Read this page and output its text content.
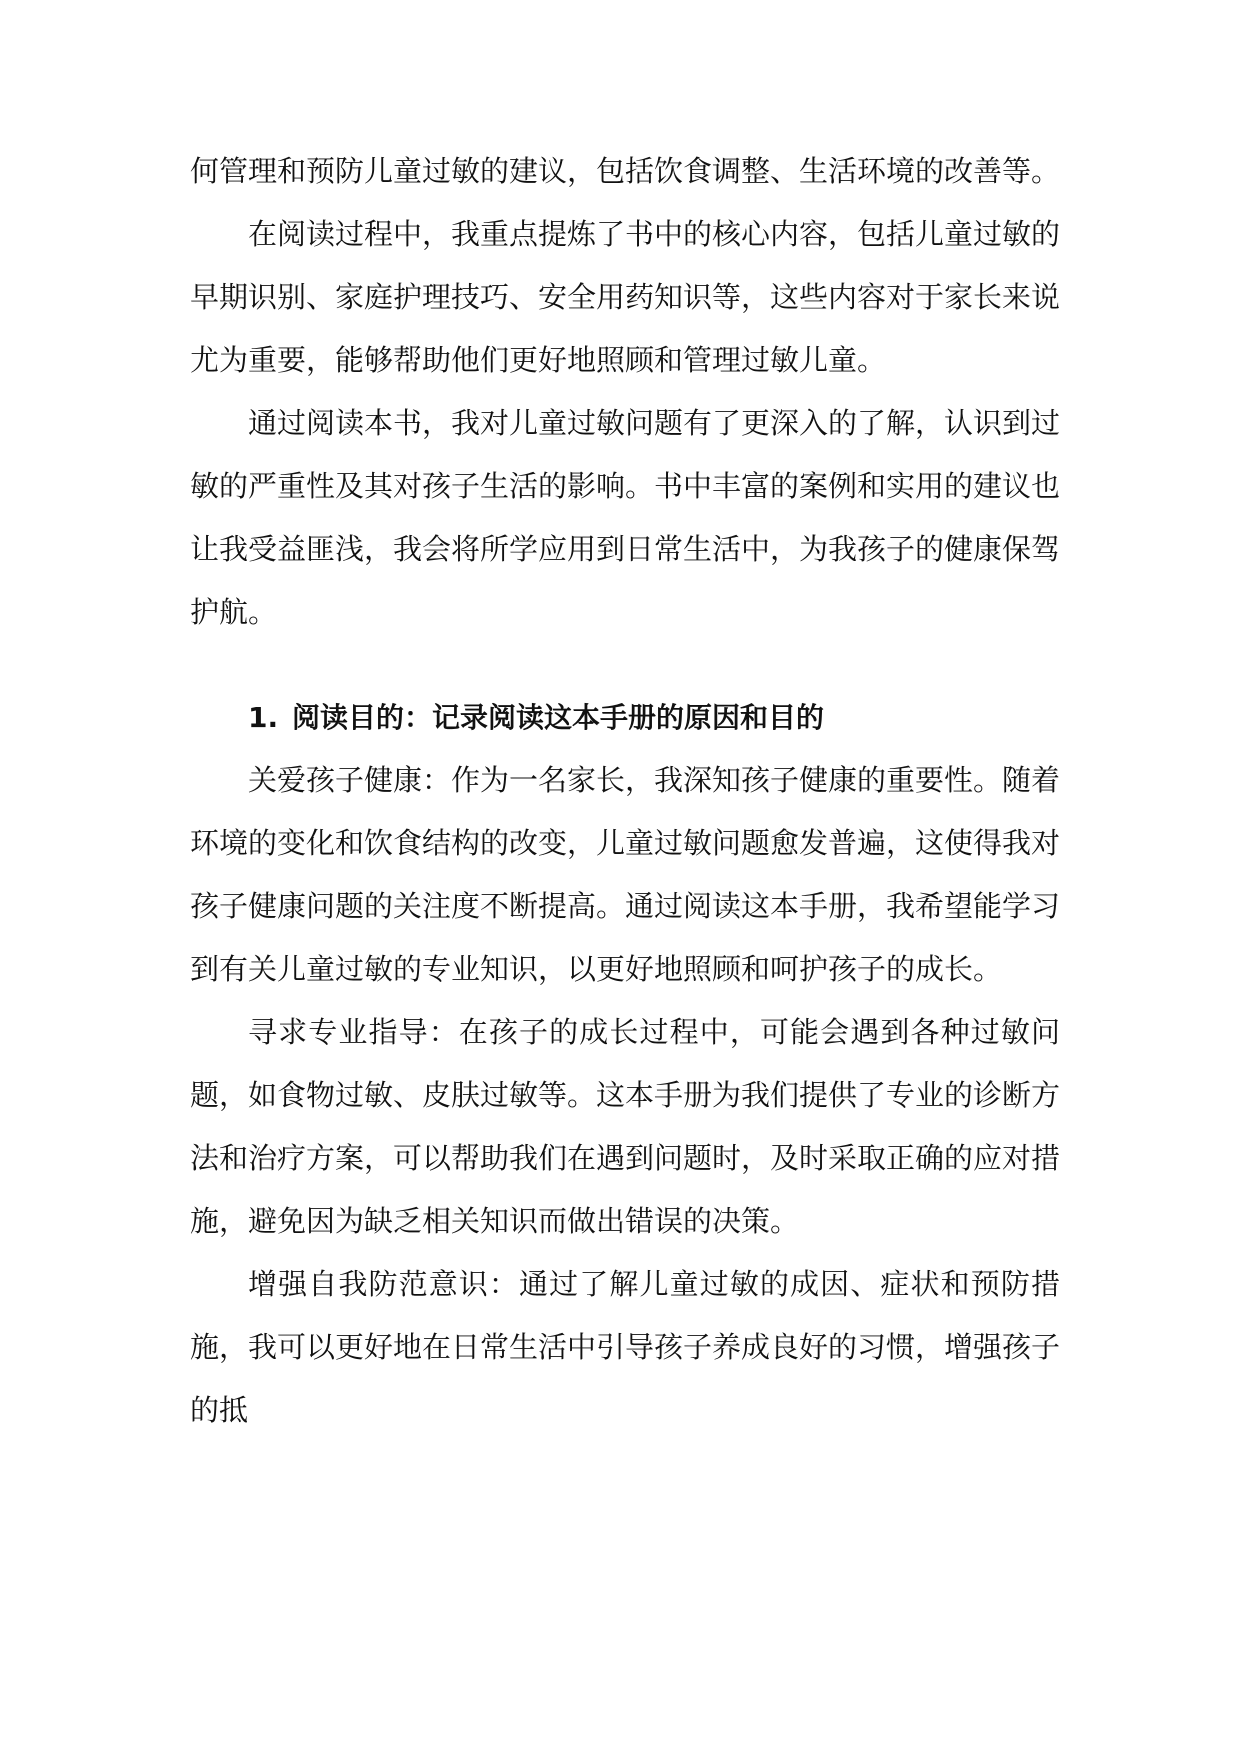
何管理和预防儿童过敏的建议，包括饮食调整、生活环境的改善等。

在阅读过程中，我重点提炼了书中的核心内容，包括儿童过敏的早期识别、家庭护理技巧、安全用药知识等，这些内容对于家长来说尤为重要，能够帮助他们更好地照顾和管理过敏儿童。

通过阅读本书，我对儿童过敏问题有了更深入的了解，认识到过敏的严重性及其对孩子生活的影响。书中丰富的案例和实用的建议也让我受益匪浅，我会将所学应用到日常生活中，为我孩子的健康保驾护航。

1. 阅读目的：记录阅读这本手册的原因和目的

关爱孩子健康：作为一名家长，我深知孩子健康的重要性。随着环境的变化和饮食结构的改变，儿童过敏问题愈发普遍，这使得我对孩子健康问题的关注度不断提高。通过阅读这本手册，我希望能学习到有关儿童过敏的专业知识，以更好地照顾和呵护孩子的成长。

寻求专业指导：在孩子的成长过程中，可能会遇到各种过敏问题，如食物过敏、皮肤过敏等。这本手册为我们提供了专业的诊断方法和治疗方案，可以帮助我们在遇到问题时，及时采取正确的应对措施，避免因为缺乏相关知识而做出错误的决策。

增强自我防范意识：通过了解儿童过敏的成因、症状和预防措施，我可以更好地在日常生活中引导孩子养成良好的习惯，增强孩子的抵
